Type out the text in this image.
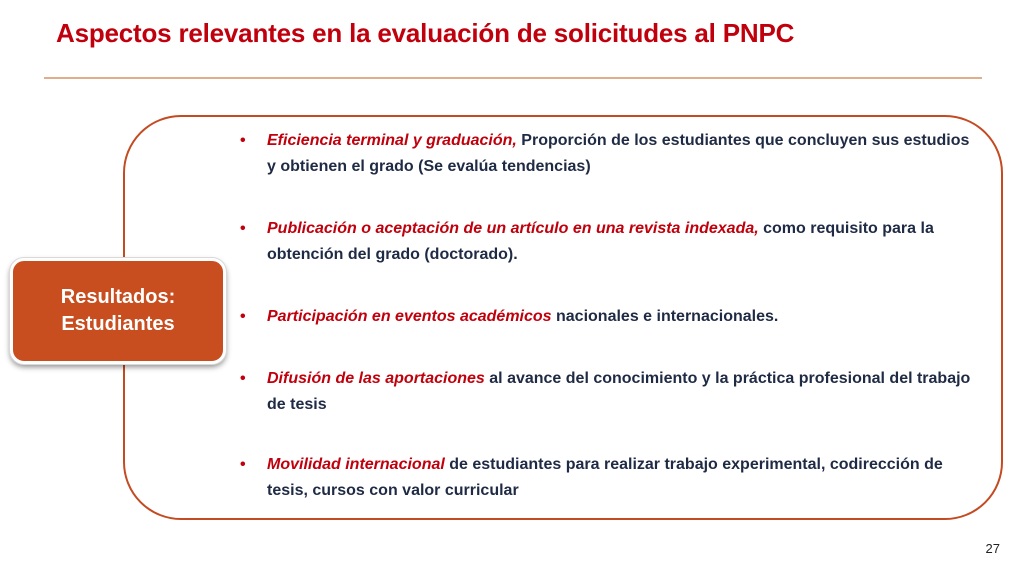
Aspectos relevantes en la evaluación de solicitudes al PNPC
Resultados:
Estudiantes
• Eficiencia terminal y graduación, Proporción de los estudiantes que concluyen sus estudios y obtienen el grado (Se evalúa tendencias)
• Publicación o aceptación de un artículo en una revista indexada, como requisito para la obtención del grado (doctorado).
• Participación en eventos académicos nacionales e internacionales.
• Difusión de las aportaciones al avance del conocimiento y la práctica profesional del trabajo de tesis
• Movilidad internacional de estudiantes para realizar trabajo experimental, codirección de tesis, cursos con valor curricular
27
